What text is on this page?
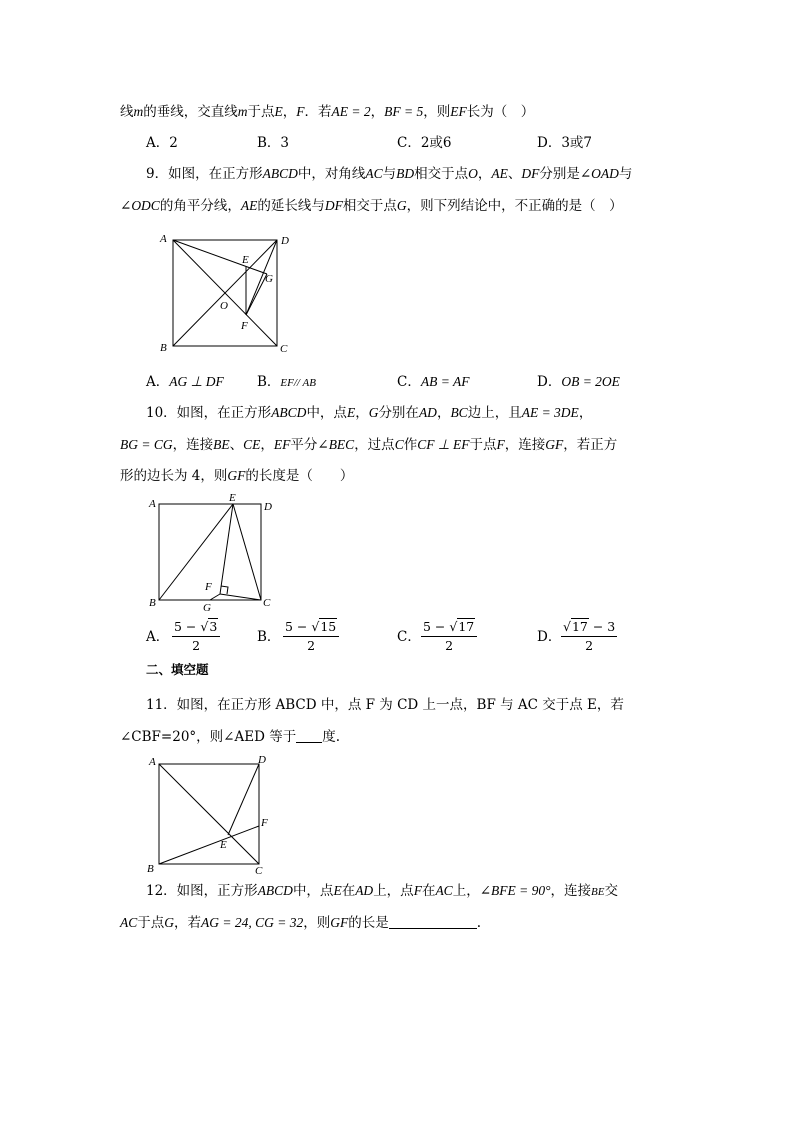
线m的垂线，交直线m于点E，F．若AE = 2，BF = 5，则EF长为（　）
A．2	B．3	C．2或6	D．3或7
9．如图，在正方形ABCD中，对角线AC与BD相交于点O，AE、DF分别是∠OAD与
∠ODC的角平分线，AE的延长线与DF相交于点G，则下列结论中，不正确的是（　）
A	D
B	C
E
G
O
F
A．AG ⊥ DF B．EF// AB	C．AB = AF	D．OB = 2OE
10．如图，在正方形ABCD中，点E，G分别在AD，BC边上，且AE = 3DE，
BG = CG，连接BE、CE，EF平分∠BEC，过点C作CF ⊥ EF于点F，连接GF，若正方
形的边长为 4，则GF的长度是（　　）
A	E
D
B
F
G	C
A． $\frac{5 - √3}{2}$	B． $\frac{5 - √15}{2}$	C． $\frac{5 - √17}{2}$	D． $\frac{√17 - 3}{2}$
二、填空题
11．如图，在正方形 ABCD 中，点 F 为 CD 上一点，BF 与 AC 交于点 E，若
∠CBF=20°，则∠AED 等于 度.
A	D
F
E
B	C
12．如图，正方形ABCD中，点E在AD上，点F在AC上，∠BFE = 90°，连接BE交
AC于点G，若AG = 24, CG = 32，则GF的长是	.
